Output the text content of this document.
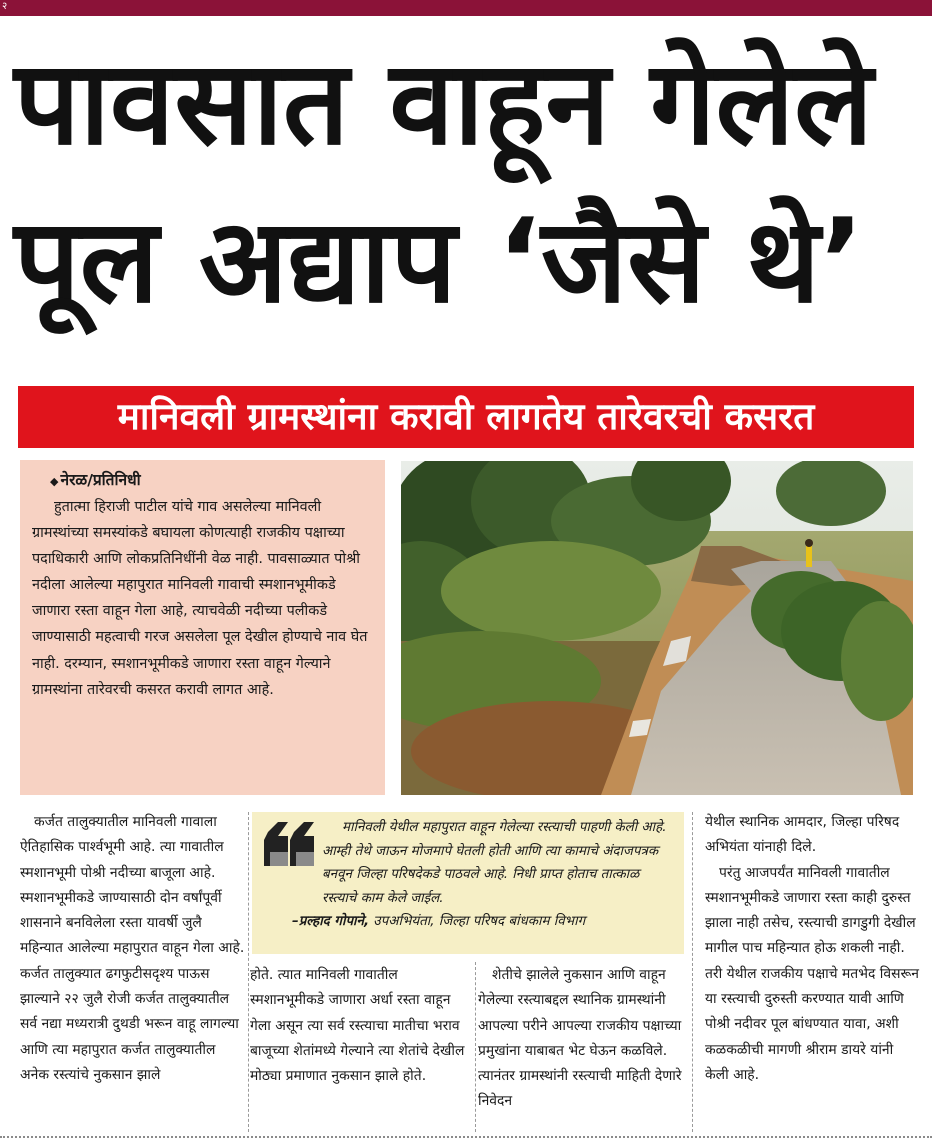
२
पावसात वाहून गेलेले
पूल अद्याप ‘जैसे थे’
मानिवली ग्रामस्थांना करावी लागतेय तारेवरची कसरत
◆ नेरळ/प्रतिनिधी

हुतात्मा हिराजी पाटील यांचे गाव असलेल्या मानिवली ग्रामस्थांच्या समस्यांकडे बघायला कोणत्याही राजकीय पक्षाच्या पदाधिकारी आणि लोकप्रतिनिधींनी वेळ नाही. पावसाळ्यात पोश्री नदीला आलेल्या महापुरात मानिवली गावाची स्मशानभूमीकडे जाणारा रस्ता वाहून गेला आहे, त्याचवेळी नदीच्या पलीकडे जाण्यासाठी महत्वाची गरज असलेला पूल देखील होण्याचे नाव घेत नाही. दरम्यान, स्मशानभूमीकडे जाणारा रस्ता वाहून गेल्याने ग्रामस्थांना तारेवरची कसरत करावी लागत आहे.

कर्जत तालुक्यातील मानिवली गावाला ऐतिहासिक पार्श्वभूमी आहे. त्या गावातील स्मशानभूमी पोश्री नदीच्या बाजूला आहे. स्मशानभूमीकडे जाण्यासाठी दोन वर्षांपूर्वी शासनाने बनविलेला रस्ता यावर्षी जुलै महिन्यात आलेल्या महापुरात वाहून गेला आहे. कर्जत तालुक्यात ढगफुटीसदृश्य पाऊस झाल्याने २२ जुलै रोजी कर्जत तालुक्यातील सर्व नद्या मध्यरात्री दुथडी भरून वाहू लागल्या आणि त्या महापुरात कर्जत तालुक्यातील अनेक रस्त्यांचे नुकसान झाले

मानिवली येथील महापुरात वाहून गेलेल्या रस्त्याची पाहणी केली आहे. आम्ही तेथे जाऊन मोजमापे घेतली होती आणि त्या कामाचे अंदाजपत्रक बनवून जिल्हा परिषदेकडे पाठवले आहे. निधी प्राप्त होताच तात्काळ रस्त्याचे काम केले जाईल.

–प्रल्हाद गोपाने, उपअभियंता, जिल्हा परिषद बांधकाम विभाग

होते. त्यात मानिवली गावातील स्मशानभूमीकडे जाणारा अर्धा रस्ता वाहून गेला असून त्या सर्व रस्त्याचा मातीचा भराव बाजूच्या शेतांमध्ये गेल्याने त्या शेतांचे देखील मोठ्या प्रमाणात नुकसान झाले होते.

शेतीचे झालेले नुकसान आणि वाहून गेलेल्या रस्त्याबद्दल स्थानिक ग्रामस्थांनी आपल्या परीने आपल्या राजकीय पक्षाच्या प्रमुखांना याबाबत भेट घेऊन कळविले. त्यानंतर ग्रामस्थांनी रस्त्याची माहिती देणारे निवेदन

येथील स्थानिक आमदार, जिल्हा परिषद अभियंता यांनाही दिले.

परंतु आजपर्यंत मानिवली गावातील स्मशानभूमीकडे जाणारा रस्ता काही दुरुस्त झाला नाही तसेच, रस्त्याची डागडुगी देखील मागील पाच महिन्यात होऊ शकली नाही. तरी येथील राजकीय पक्षाचे मतभेद विसरून या रस्त्याची दुरुस्ती करण्यात यावी आणि पोश्री नदीवर पूल बांधण्यात यावा, अशी कळकळीची मागणी श्रीराम डायरे यांनी केली आहे.
